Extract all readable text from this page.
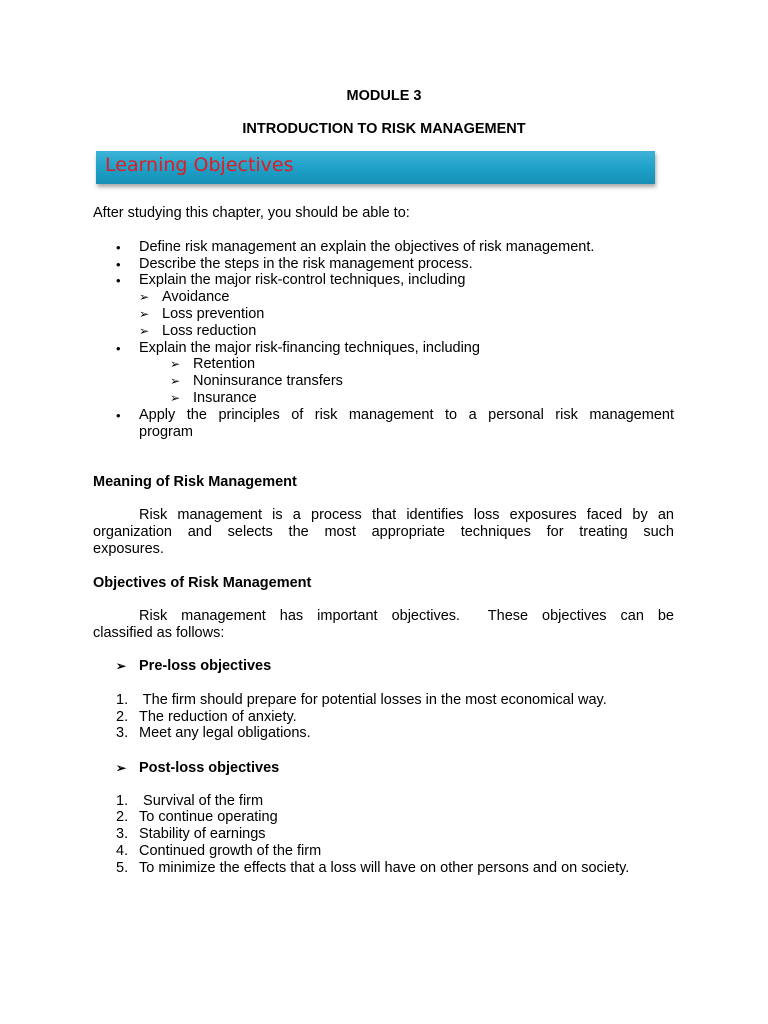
MODULE 3
INTRODUCTION TO RISK MANAGEMENT
Learning Objectives
After studying this chapter, you should be able to:
• Define risk management an explain the objectives of risk management.
• Describe the steps in the risk management process.
• Explain the major risk-control techniques, including
➢ Avoidance
➢ Loss prevention
➢ Loss reduction
• Explain the major risk-financing techniques, including
➢ Retention
➢ Noninsurance transfers
➢ Insurance
• Apply the principles of risk management to a personal risk management
program
Meaning of Risk Management
Risk management is a process that identifies loss exposures faced by an
organization and selects the most appropriate techniques for treating such
exposures.
Objectives of Risk Management
Risk management has important objectives.  These objectives can be
classified as follows:
➢ Pre-loss objectives
1. The firm should prepare for potential losses in the most economical way.
2. The reduction of anxiety.
3. Meet any legal obligations.
➢ Post-loss objectives
1. Survival of the firm
2. To continue operating
3. Stability of earnings
4. Continued growth of the firm
5. To minimize the effects that a loss will have on other persons and on society.
